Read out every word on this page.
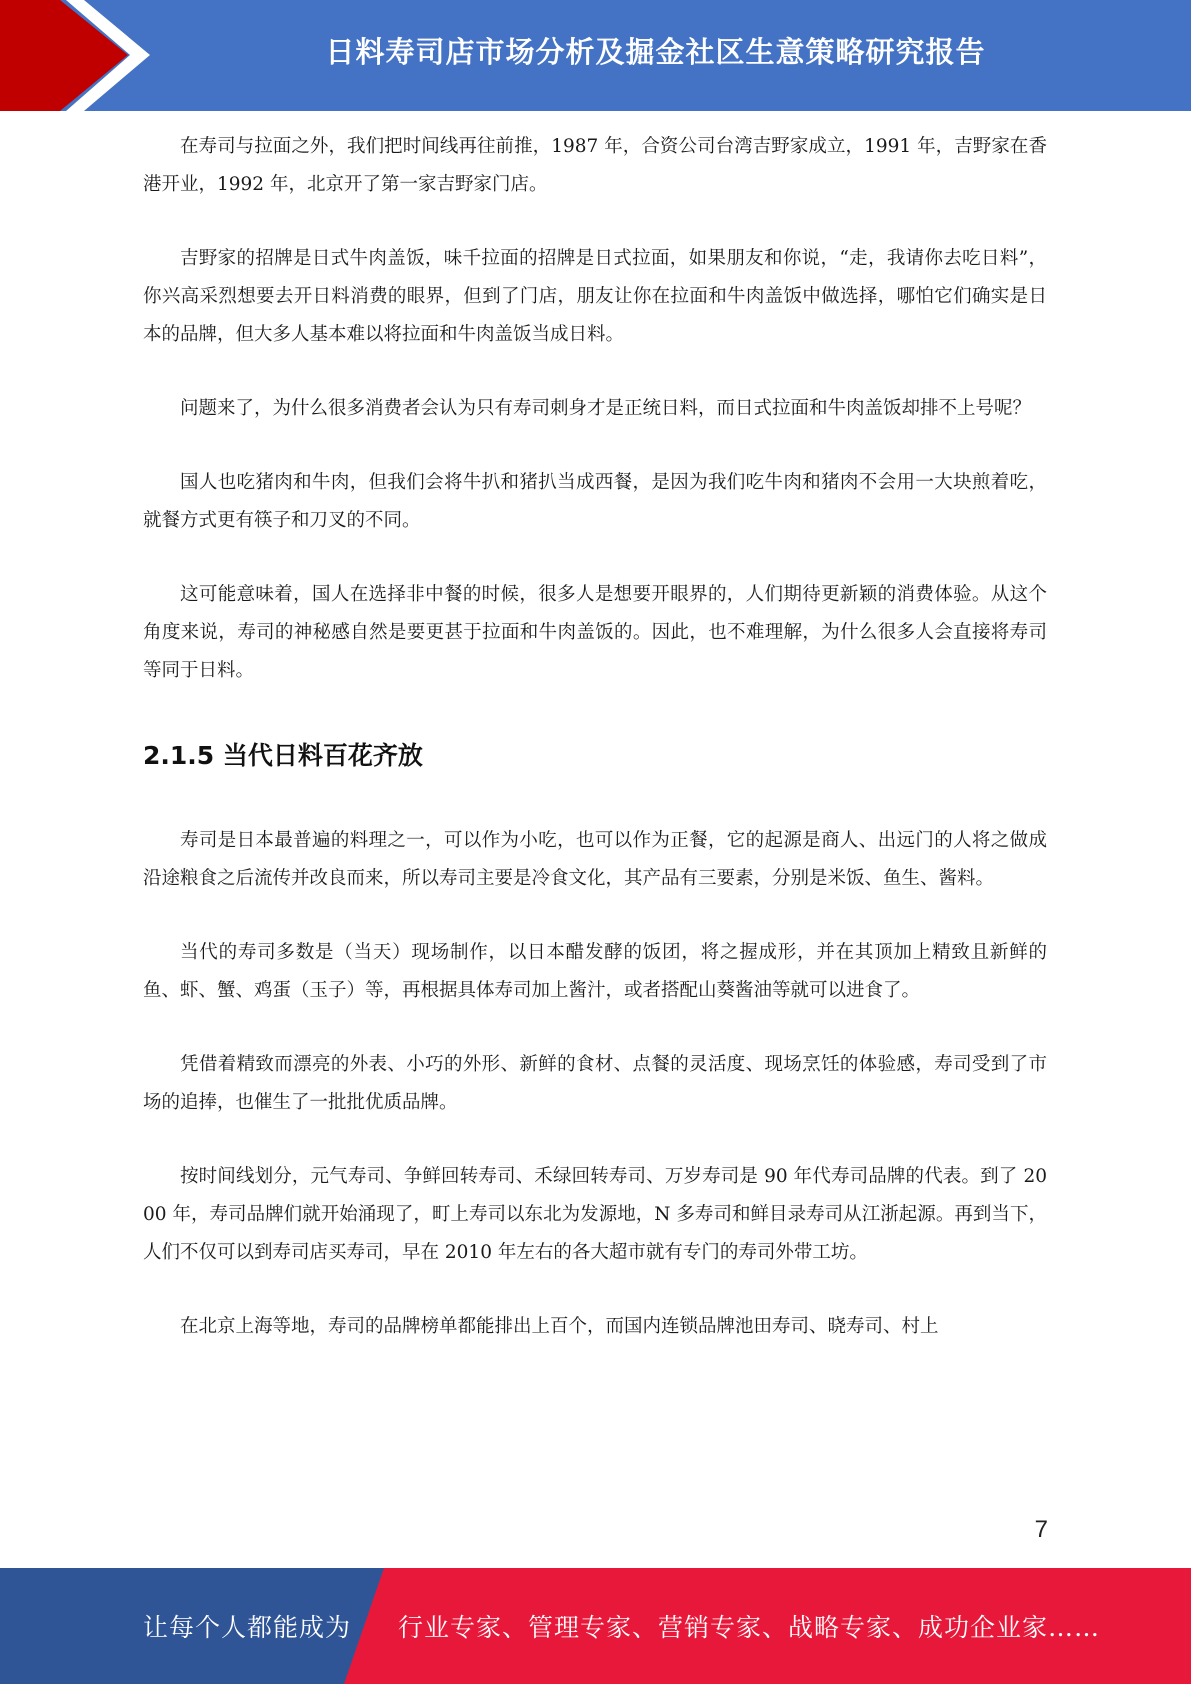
日料寿司店市场分析及掘金社区生意策略研究报告

在寿司与拉面之外，我们把时间线再往前推，1987 年，合资公司台湾吉野家成立，1991 年，吉野家在香港开业，1992 年，北京开了第一家吉野家门店。

吉野家的招牌是日式牛肉盖饭，味千拉面的招牌是日式拉面，如果朋友和你说，“走，我请你去吃日料”，你兴高采烈想要去开日料消费的眼界，但到了门店，朋友让你在拉面和牛肉盖饭中做选择，哪怕它们确实是日本的品牌，但大多人基本难以将拉面和牛肉盖饭当成日料。

问题来了，为什么很多消费者会认为只有寿司刺身才是正统日料，而日式拉面和牛肉盖饭却排不上号呢？

国人也吃猪肉和牛肉，但我们会将牛扒和猪扒当成西餐，是因为我们吃牛肉和猪肉不会用一大块煎着吃，就餐方式更有筷子和刀叉的不同。

这可能意味着，国人在选择非中餐的时候，很多人是想要开眼界的，人们期待更新颖的消费体验。从这个角度来说，寿司的神秘感自然是要更甚于拉面和牛肉盖饭的。因此，也不难理解，为什么很多人会直接将寿司等同于日料。

2.1.5 当代日料百花齐放

寿司是日本最普遍的料理之一，可以作为小吃，也可以作为正餐，它的起源是商人、出远门的人将之做成沿途粮食之后流传并改良而来，所以寿司主要是冷食文化，其产品有三要素，分别是米饭、鱼生、酱料。

当代的寿司多数是（当天）现场制作，以日本醋发酵的饭团，将之握成形，并在其顶加上精致且新鲜的鱼、虾、蟹、鸡蛋（玉子）等，再根据具体寿司加上酱汁，或者搭配山葵酱油等就可以进食了。

凭借着精致而漂亮的外表、小巧的外形、新鲜的食材、点餐的灵活度、现场烹饪的体验感，寿司受到了市场的追捧，也催生了一批批优质品牌。

按时间线划分，元气寿司、争鲜回转寿司、禾绿回转寿司、万岁寿司是 90 年代寿司品牌的代表。到了 2000 年，寿司品牌们就开始涌现了，町上寿司以东北为发源地，N 多寿司和鲜目录寿司从江浙起源。再到当下，人们不仅可以到寿司店买寿司，早在 2010 年左右的各大超市就有专门的寿司外带工坊。

在北京上海等地，寿司的品牌榜单都能排出上百个，而国内连锁品牌池田寿司、晓寿司、村上

7
让每个人都能成为 行业专家、管理专家、营销专家、战略专家、成功企业家……
